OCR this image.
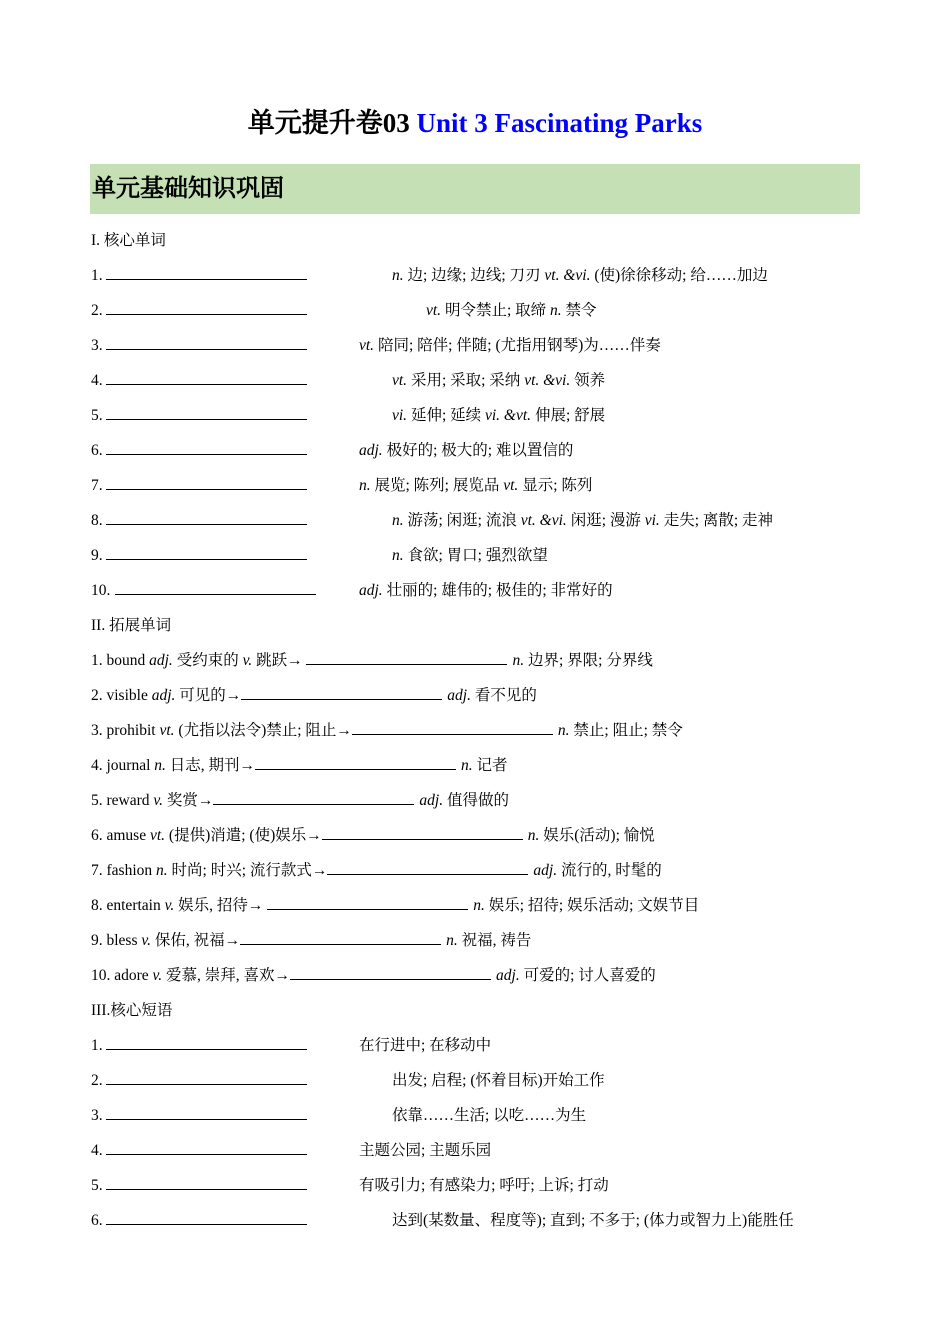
单元提升卷03 Unit 3 Fascinating Parks
单元基础知识巩固
I. 核心单词
1.	n. 边; 边缘; 边线; 刀刃 vt. &vi. (使)徐徐移动; 给……加边
2.	vt. 明令禁止; 取缔 n. 禁令
3.	vt. 陪同; 陪伴; 伴随; (尤指用钢琴)为……伴奏
4.	vt. 采用; 采取; 采纳 vt. &vi. 领养
5.	vi. 延伸; 延续 vi. &vt. 伸展; 舒展
6.	adj. 极好的; 极大的; 难以置信的
7.	n. 展览; 陈列; 展览品 vt. 显示; 陈列
8.	n. 游荡; 闲逛; 流浪 vt. &vi. 闲逛; 漫游 vi. 走失; 离散; 走神
9.	n. 食欲; 胃口; 强烈欲望
10.	adj. 壮丽的; 雄伟的; 极佳的; 非常好的
II. 拓展单词
1. bound adj. 受约束的 v. 跳跃→	n. 边界; 界限; 分界线
2. visible adj. 可见的→	adj. 看不见的
3. prohibit vt. (尤指以法令)禁止; 阻止→	n. 禁止; 阻止; 禁令
4. journal n. 日志, 期刊→	n. 记者
5. reward v. 奖赏→	adj. 值得做的
6. amuse vt. (提供)消遣; (使)娱乐→	n. 娱乐(活动); 愉悦
7. fashion n. 时尚; 时兴; 流行款式→	adj. 流行的, 时髦的
8. entertain v. 娱乐, 招待→	n. 娱乐; 招待; 娱乐活动; 文娱节目
9. bless v. 保佑, 祝福→	n. 祝福, 祷告
10. adore v. 爱慕, 崇拜, 喜欢→	adj. 可爱的; 讨人喜爱的
III.核心短语
1.	在行进中; 在移动中
2.	出发; 启程; (怀着目标)开始工作
3.	依靠……生活; 以吃……为生
4.	主题公园; 主题乐园
5.	有吸引力; 有感染力; 呼吁; 上诉; 打动
6.	达到(某数量、程度等); 直到; 不多于; (体力或智力上)能胜任
